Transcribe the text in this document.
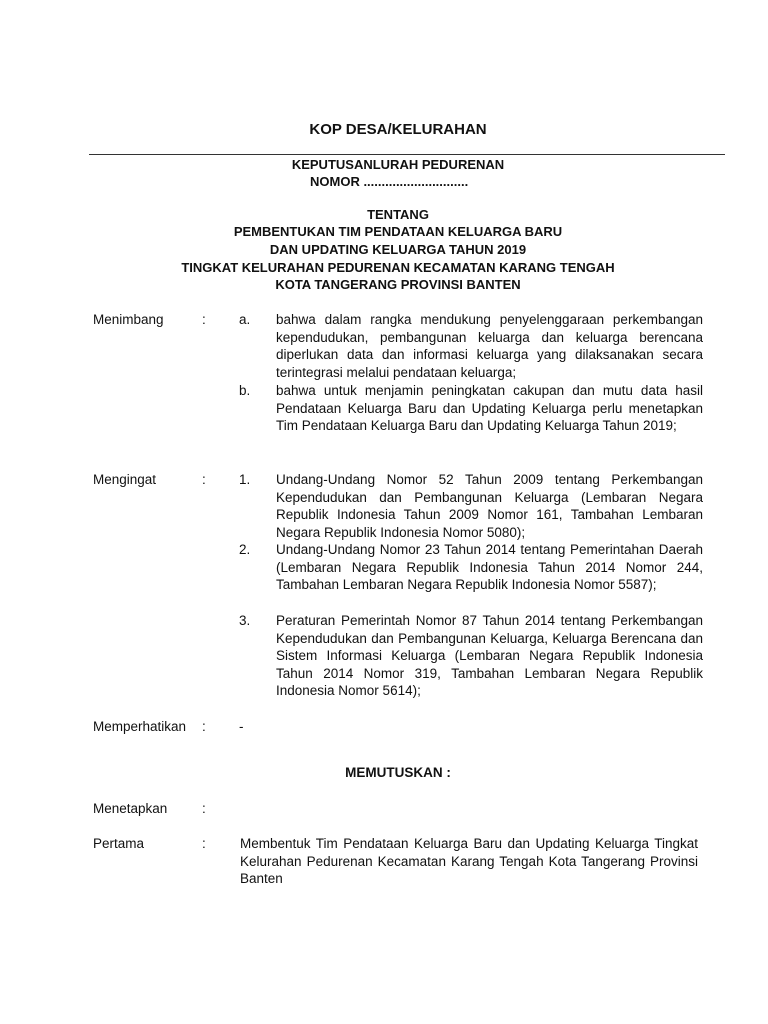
KOP DESA/KELURAHAN
KEPUTUSANLURAH PEDURENAN
NOMOR .............................
TENTANG
PEMBENTUKAN TIM PENDATAAN KELUARGA BARU
DAN UPDATING KELUARGA TAHUN 2019
TINGKAT KELURAHAN PEDURENAN KECAMATAN KARANG TENGAH
KOTA TANGERANG PROVINSI BANTEN
Menimbang	: a. bahwa dalam rangka mendukung penyelenggaraan perkembangan kependudukan, pembangunan keluarga dan keluarga berencana diperlukan data dan informasi keluarga yang dilaksanakan secara terintegrasi melalui pendataan keluarga;
b. bahwa untuk menjamin peningkatan cakupan dan mutu data hasil Pendataan Keluarga Baru dan Updating Keluarga perlu menetapkan Tim Pendataan Keluarga Baru dan Updating Keluarga Tahun 2019;
Mengingat	: 1. Undang-Undang Nomor 52 Tahun 2009 tentang Perkembangan Kependudukan dan Pembangunan Keluarga (Lembaran Negara Republik Indonesia Tahun 2009 Nomor 161, Tambahan Lembaran Negara Republik Indonesia Nomor 5080);
2. Undang-Undang Nomor 23 Tahun 2014 tentang Pemerintahan Daerah (Lembaran Negara Republik Indonesia Tahun 2014 Nomor 244, Tambahan Lembaran Negara Republik Indonesia Nomor 5587);
3. Peraturan Pemerintah Nomor 87 Tahun 2014 tentang Perkembangan Kependudukan dan Pembangunan Keluarga, Keluarga Berencana dan Sistem Informasi Keluarga (Lembaran Negara Republik Indonesia Tahun 2014 Nomor 319, Tambahan Lembaran Negara Republik Indonesia Nomor 5614);
Memperhatikan : -
MEMUTUSKAN :
Menetapkan	:
Pertama	:	Membentuk Tim Pendataan Keluarga Baru dan Updating Keluarga Tingkat Kelurahan Pedurenan Kecamatan Karang Tengah Kota Tangerang Provinsi Banten
